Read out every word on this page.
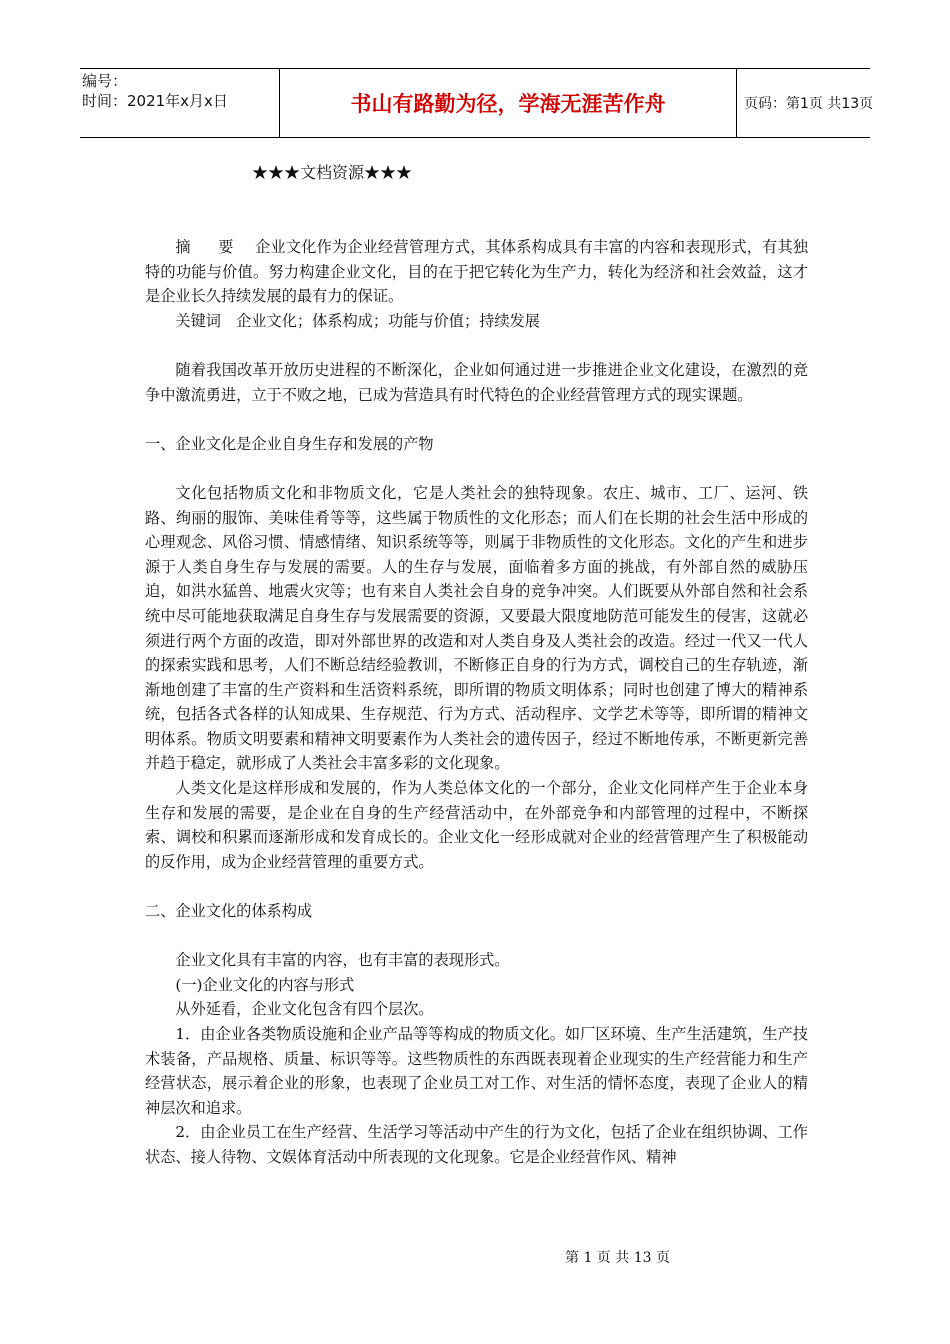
编号：
时间：2021年x月x日	书山有路勤为径，学海无涯苦作舟	页码：第1页 共13页
★★★文档资源★★★

摘　要　 企业文化作为企业经营管理方式，其体系构成具有丰富的内容和表现形式，有其独特的功能与价值。努力构建企业文化，目的在于把它转化为生产力，转化为经济和社会效益，这才是企业长久持续发展的最有力的保证。

关键词　 企业文化；体系构成；功能与价值；持续发展

随着我国改革开放历史进程的不断深化，企业如何通过进一步推进企业文化建设，在激烈的竞争中激流勇进，立于不败之地，已成为营造具有时代特色的企业经营管理方式的现实课题。

一、企业文化是企业自身生存和发展的产物

文化包括物质文化和非物质文化，它是人类社会的独特现象。农庄、城市、工厂、运河、铁路、绚丽的服饰、美味佳肴等等，这些属于物质性的文化形态；而人们在长期的社会生活中形成的心理观念、风俗习惯、情感情绪、知识系统等等，则属于非物质性的文化形态。文化的产生和进步源于人类自身生存与发展的需要。人的生存与发展，面临着多方面的挑战，有外部自然的威胁压迫，如洪水猛兽、地震火灾等；也有来自人类社会自身的竞争冲突。人们既要从外部自然和社会系统中尽可能地获取满足自身生存与发展需要的资源，又要最大限度地防范可能发生的侵害，这就必须进行两个方面的改造，即对外部世界的改造和对人类自身及人类社会的改造。经过一代又一代人的探索实践和思考，人们不断总结经验教训，不断修正自身的行为方式，调校自己的生存轨迹，渐渐地创建了丰富的生产资料和生活资料系统，即所谓的物质文明体系；同时也创建了博大的精神系统，包括各式各样的认知成果、生存规范、行为方式、活动程序、文学艺术等等，即所谓的精神文明体系。物质文明要素和精神文明要素作为人类社会的遗传因子，经过不断地传承，不断更新完善并趋于稳定，就形成了人类社会丰富多彩的文化现象。

人类文化是这样形成和发展的，作为人类总体文化的一个部分，企业文化同样产生于企业本身生存和发展的需要，是企业在自身的生产经营活动中，在外部竞争和内部管理的过程中，不断探索、调校和积累而逐渐形成和发育成长的。企业文化一经形成就对企业的经营管理产生了积极能动的反作用，成为企业经营管理的重要方式。

二、企业文化的体系构成

企业文化具有丰富的内容，也有丰富的表现形式。

(一)企业文化的内容与形式

从外延看，企业文化包含有四个层次。

1．由企业各类物质设施和企业产品等等构成的物质文化。如厂区环境、生产生活建筑，生产技术装备，产品规格、质量、标识等等。这些物质性的东西既表现着企业现实的生产经营能力和生产经营状态，展示着企业的形象，也表现了企业员工对工作、对生活的情怀态度，表现了企业人的精神层次和追求。

2．由企业员工在生产经营、生活学习等活动中产生的行为文化，包括了企业在组织协调、工作状态、接人待物、文娱体育活动中所表现的文化现象。它是企业经营作风、精神

第 1 页 共 13 页
